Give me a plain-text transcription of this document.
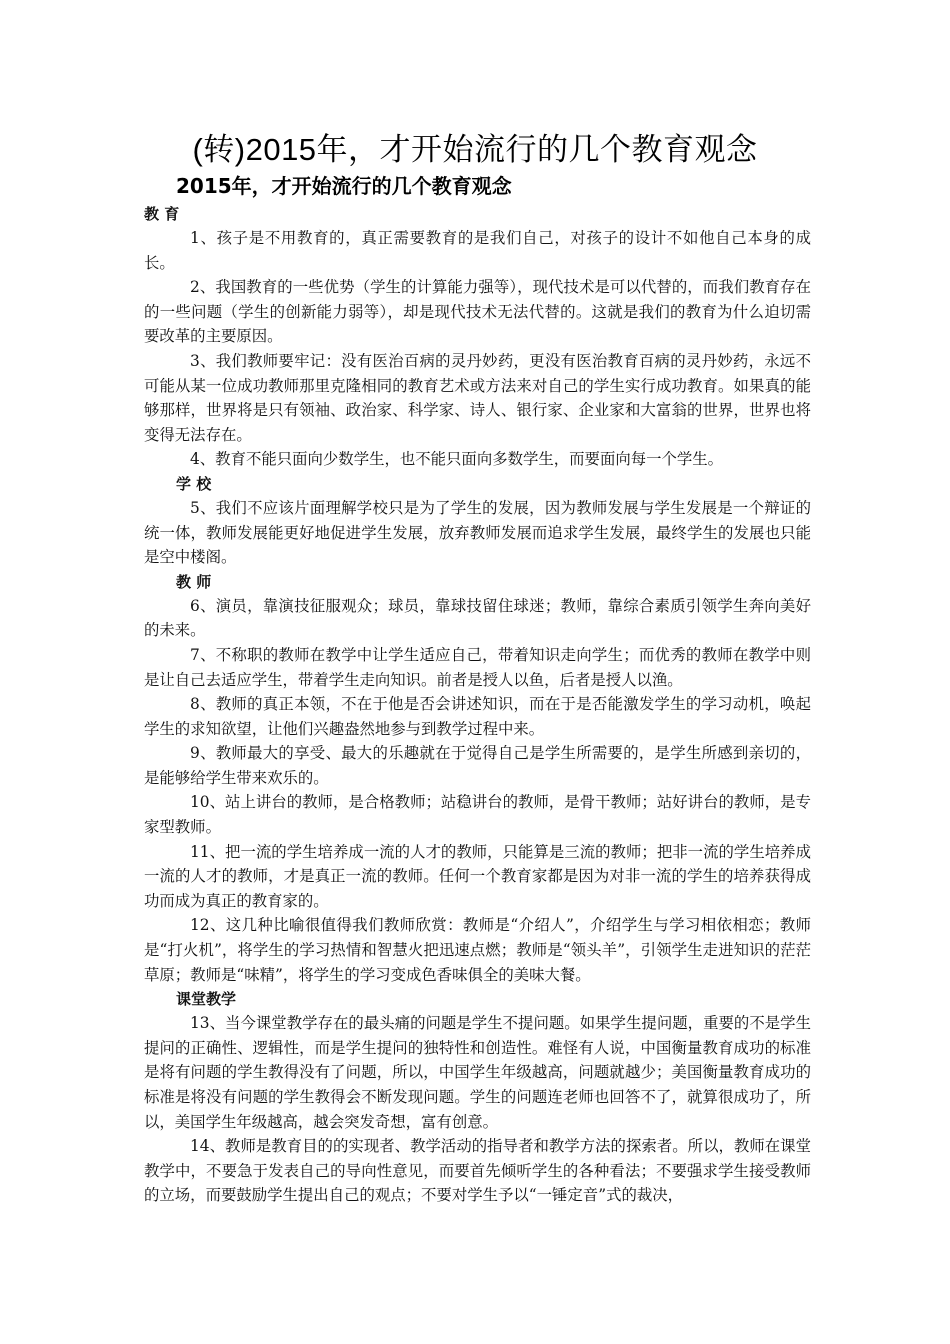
(转)2015年，才开始流行的几个教育观念
2015年，才开始流行的几个教育观念
教 育

1、孩子是不用教育的，真正需要教育的是我们自己，对孩子的设计不如他自己本身的成长。

2、我国教育的一些优势（学生的计算能力强等），现代技术是可以代替的，而我们教育存在的一些问题（学生的创新能力弱等），却是现代技术无法代替的。这就是我们的教育为什么迫切需要改革的主要原因。

3、我们教师要牢记：没有医治百病的灵丹妙药，更没有医治教育百病的灵丹妙药，永远不可能从某一位成功教师那里克隆相同的教育艺术或方法来对自己的学生实行成功教育。如果真的能够那样，世界将是只有领袖、政治家、科学家、诗人、银行家、企业家和大富翁的世界，世界也将变得无法存在。

4、教育不能只面向少数学生，也不能只面向多数学生，而要面向每一个学生。

学 校

5、我们不应该片面理解学校只是为了学生的发展，因为教师发展与学生发展是一个辩证的统一体，教师发展能更好地促进学生发展，放弃教师发展而追求学生发展，最终学生的发展也只能是空中楼阁。

教 师

6、演员，靠演技征服观众；球员，靠球技留住球迷；教师，靠综合素质引领学生奔向美好的未来。

7、不称职的教师在教学中让学生适应自己，带着知识走向学生；而优秀的教师在教学中则是让自己去适应学生，带着学生走向知识。前者是授人以鱼，后者是授人以渔。

8、教师的真正本领，不在于他是否会讲述知识，而在于是否能激发学生的学习动机，唤起学生的求知欲望，让他们兴趣盎然地参与到教学过程中来。

9、教师最大的享受、最大的乐趣就在于觉得自己是学生所需要的，是学生所感到亲切的，是能够给学生带来欢乐的。

10、站上讲台的教师，是合格教师；站稳讲台的教师，是骨干教师；站好讲台的教师，是专家型教师。

11、把一流的学生培养成一流的人才的教师，只能算是三流的教师；把非一流的学生培养成一流的人才的教师，才是真正一流的教师。任何一个教育家都是因为对非一流的学生的培养获得成功而成为真正的教育家的。

12、这几种比喻很值得我们教师欣赏：教师是“介绍人”，介绍学生与学习相依相恋；教师是“打火机”，将学生的学习热情和智慧火把迅速点燃；教师是“领头羊”，引领学生走进知识的茫茫草原；教师是“味精”，将学生的学习变成色香味俱全的美味大餐。

课堂教学

13、当今课堂教学存在的最头痛的问题是学生不提问题。如果学生提问题，重要的不是学生提问的正确性、逻辑性，而是学生提问的独特性和创造性。难怪有人说，中国衡量教育成功的标准是将有问题的学生教得没有了问题，所以，中国学生年级越高，问题就越少；美国衡量教育成功的标准是将没有问题的学生教得会不断发现问题。学生的问题连老师也回答不了，就算很成功了，所以，美国学生年级越高，越会突发奇想，富有创意。

14、教师是教育目的的实现者、教学活动的指导者和教学方法的探索者。所以，教师在课堂教学中，不要急于发表自己的导向性意见，而要首先倾听学生的各种看法；不要强求学生接受教师的立场，而要鼓励学生提出自己的观点；不要对学生予以“一锤定音”式的裁决，
